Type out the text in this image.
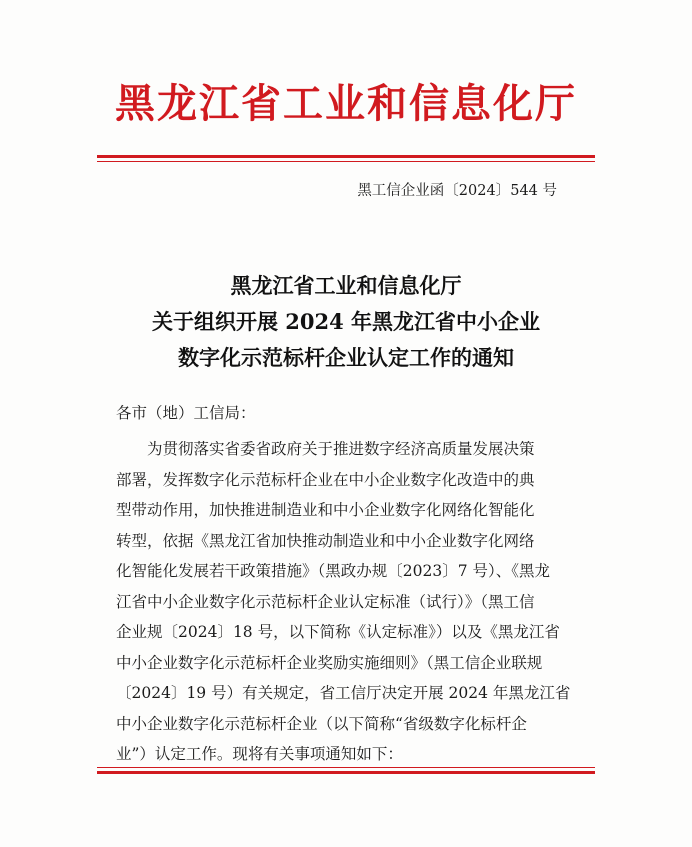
黑龙江省工业和信息化厅
黑工信企业函〔2024〕544 号
黑龙江省工业和信息化厅
关于组织开展 2024 年黑龙江省中小企业
数字化示范标杆企业认定工作的通知
各市（地）工信局：
为贯彻落实省委省政府关于推进数字经济高质量发展决策
部署，发挥数字化示范标杆企业在中小企业数字化改造中的典
型带动作用，加快推进制造业和中小企业数字化网络化智能化
转型，依据《黑龙江省加快推动制造业和中小企业数字化网络
化智能化发展若干政策措施》（黑政办规〔2023〕7 号）、《黑龙
江省中小企业数字化示范标杆企业认定标准（试行）》（黑工信
企业规〔2024〕18 号，以下简称《认定标准》）以及《黑龙江省
中小企业数字化示范标杆企业奖励实施细则》（黑工信企业联规
〔2024〕19 号）有关规定，省工信厅决定开展 2024 年黑龙江省
中小企业数字化示范标杆企业（以下简称“省级数字化标杆企
业”）认定工作。现将有关事项通知如下：
